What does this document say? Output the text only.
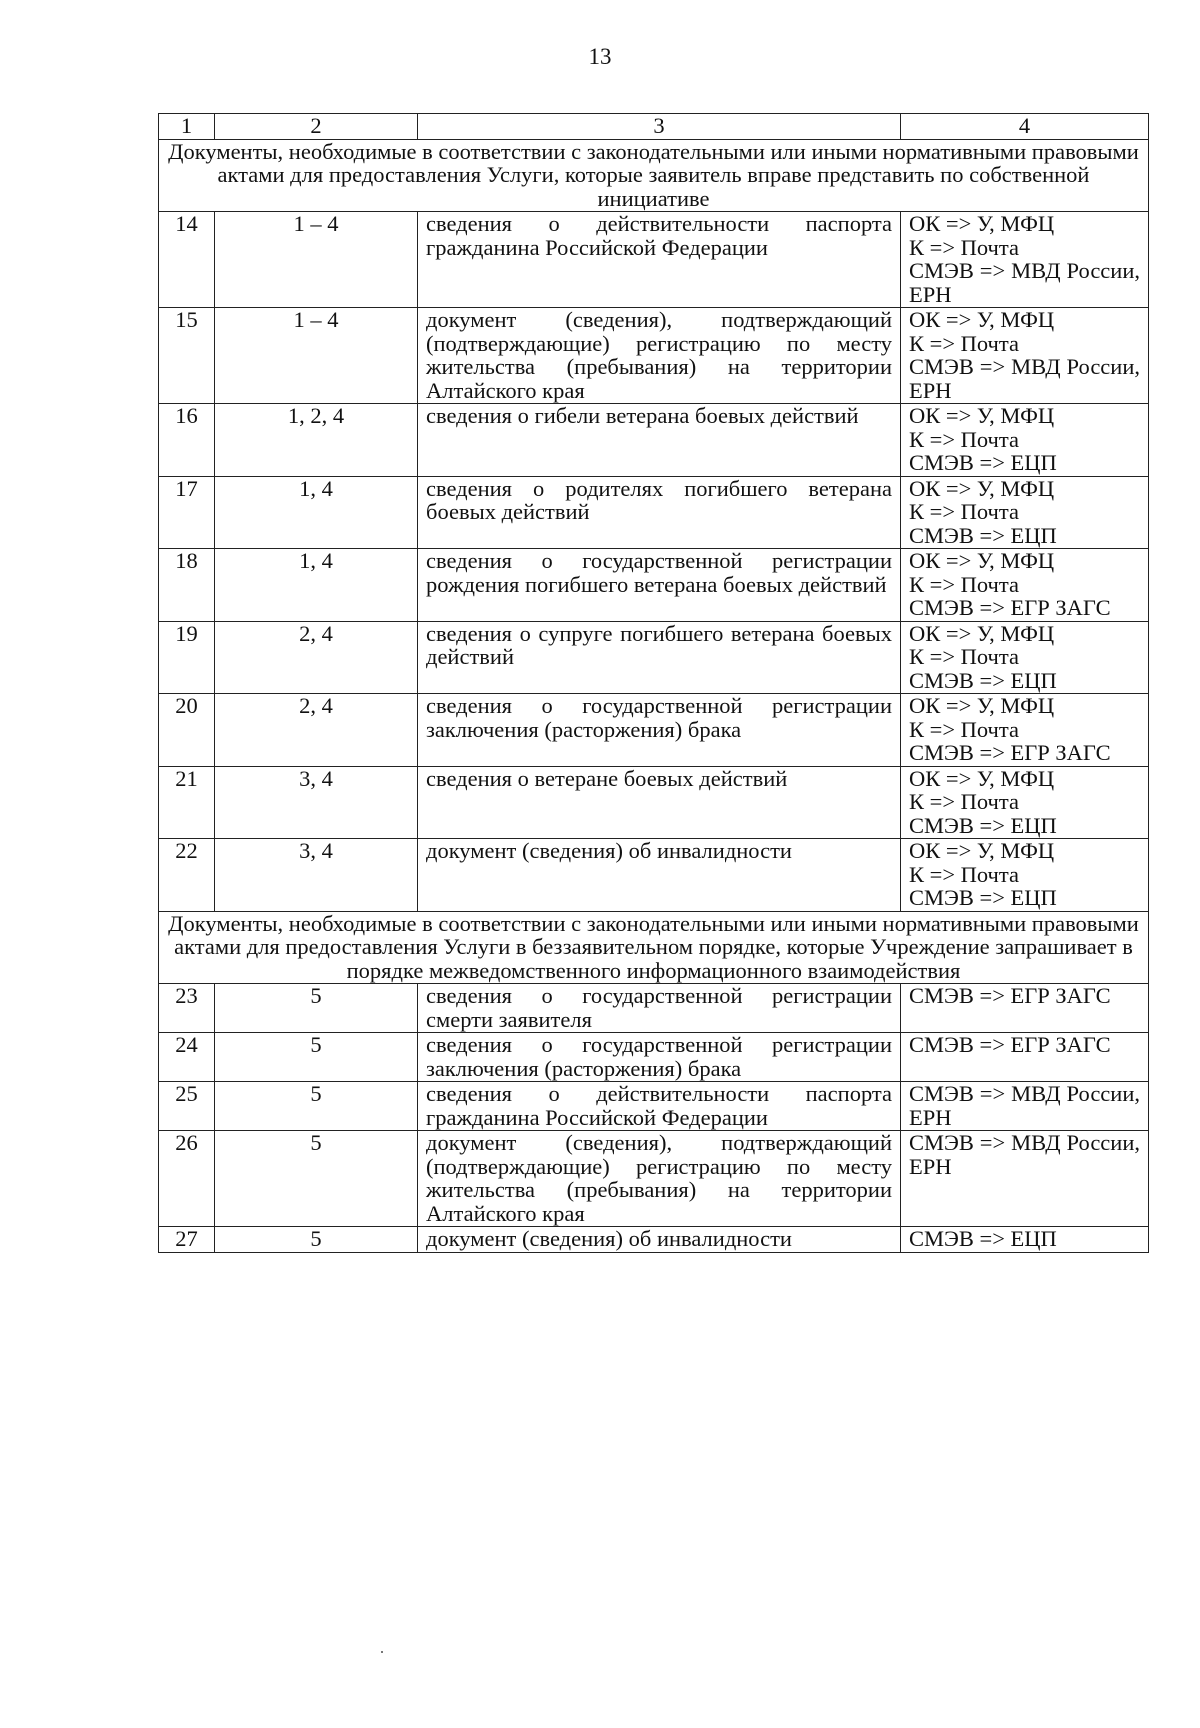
13
1	2	3	4
Документы, необходимые в соответствии с законодательными или иными нормативными правовыми актами для предоставления Услуги, которые заявитель вправе представить по собственной инициативе			
14	1 – 4	сведения о действительности паспорта гражданина Российской Федерации	ОК => У, МФЦ
К => Почта
СМЭВ => МВД России, ЕРН

15	1 – 4	документ (сведения), подтверждающий (подтверждающие) регистрацию по месту жительства (пребывания) на территории Алтайского края	ОК => У, МФЦ
К => Почта
СМЭВ => МВД России, ЕРН

16	1, 2, 4	сведения о гибели ветерана боевых действий	ОК => У, МФЦ
К => Почта
СМЭВ => ЕЦП

17	1, 4	сведения о родителях погибшего ветерана боевых действий	ОК => У, МФЦ
К => Почта
СМЭВ => ЕЦП

18	1, 4	сведения о государственной регистрации рождения погибшего ветерана боевых действий	ОК => У, МФЦ
К => Почта
СМЭВ => ЕГР ЗАГС

19	2, 4	сведения о супруге погибшего ветерана боевых действий	ОК => У, МФЦ
К => Почта
СМЭВ => ЕЦП

20	2, 4	сведения о государственной регистрации заключения (расторжения) брака	ОК => У, МФЦ
К => Почта
СМЭВ => ЕГР ЗАГС

21	3, 4	сведения о ветеране боевых действий	ОК => У, МФЦ
К => Почта
СМЭВ => ЕЦП

22	3, 4	документ (сведения) об инвалидности	ОК => У, МФЦ
К => Почта
СМЭВ => ЕЦП

Документы, необходимые в соответствии с законодательными или иными нормативными правовыми актами для предоставления Услуги в беззаявительном порядке, которые Учреждение запрашивает в порядке межведомственного информационного взаимодействия			
23	5	сведения о государственной регистрации смерти заявителя	СМЭВ => ЕГР ЗАГС

24	5	сведения о государственной регистрации заключения (расторжения) брака	СМЭВ => ЕГР ЗАГС

25	5	сведения о действительности паспорта гражданина Российской Федерации	СМЭВ => МВД России, ЕРН

26	5	документ (сведения), подтверждающий (подтверждающие) регистрацию по месту жительства (пребывания) на территории Алтайского края	СМЭВ => МВД России, ЕРН

27	5	документ (сведения) об инвалидности	СМЭВ => ЕЦП
